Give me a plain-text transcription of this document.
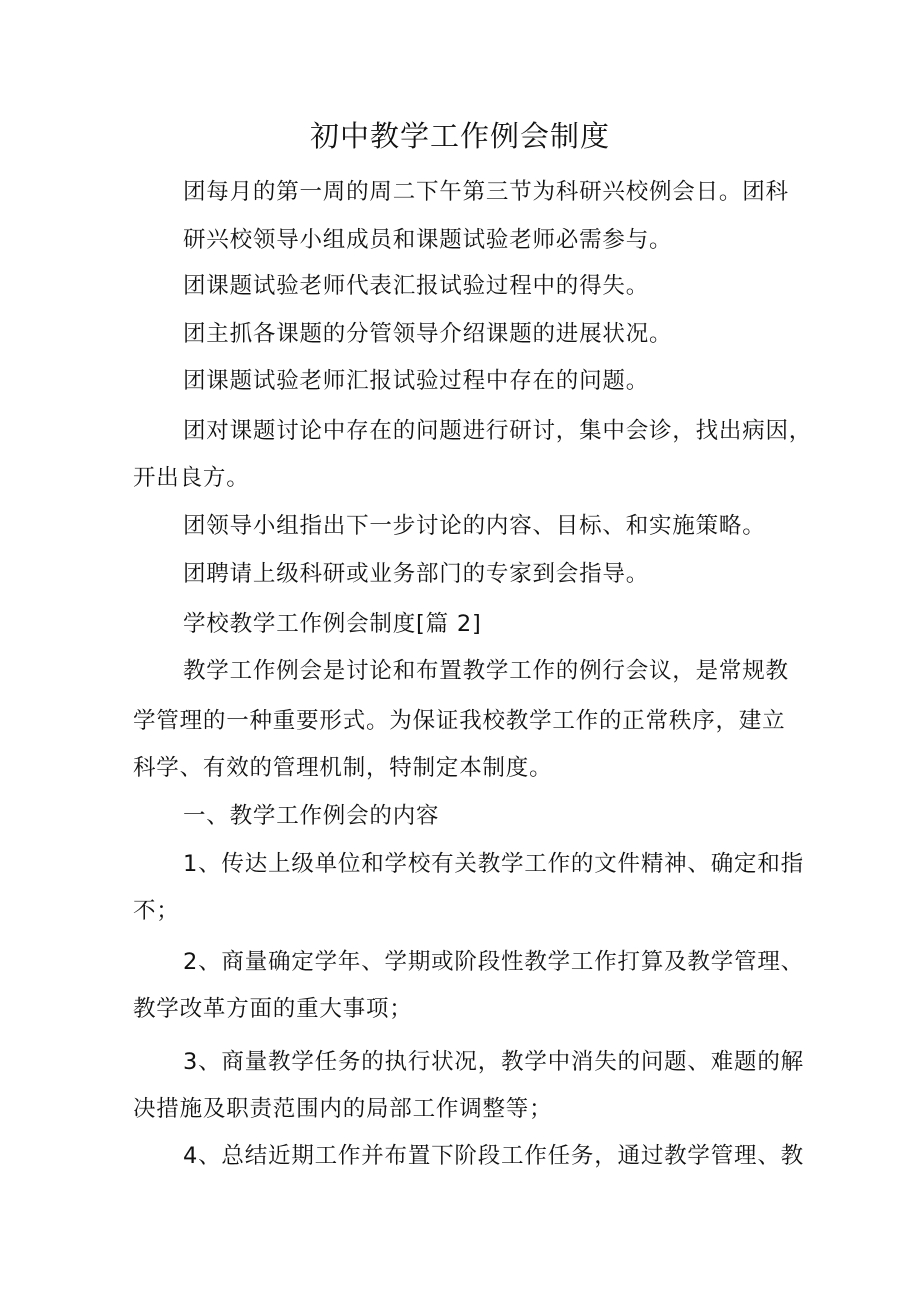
初中教学工作例会制度
团每月的第一周的周二下午第三节为科研兴校例会日。团科
研兴校领导小组成员和课题试验老师必需参与。
团课题试验老师代表汇报试验过程中的得失。
团主抓各课题的分管领导介绍课题的进展状况。
团课题试验老师汇报试验过程中存在的问题。
团对课题讨论中存在的问题进行研讨，集中会诊，找出病因，
开出良方。
团领导小组指出下一步讨论的内容、目标、和实施策略。
团聘请上级科研或业务部门的专家到会指导。
学校教学工作例会制度[篇 2]
教学工作例会是讨论和布置教学工作的例行会议，是常规教
学管理的一种重要形式。为保证我校教学工作的正常秩序，建立
科学、有效的管理机制，特制定本制度。
一、教学工作例会的内容
1、传达上级单位和学校有关教学工作的文件精神、确定和指
不；
2、商量确定学年、学期或阶段性教学工作打算及教学管理、
教学改革方面的重大事项；
3、商量教学任务的执行状况，教学中消失的问题、难题的解
决措施及职责范围内的局部工作调整等；
4、总结近期工作并布置下阶段工作任务，通过教学管理、教
